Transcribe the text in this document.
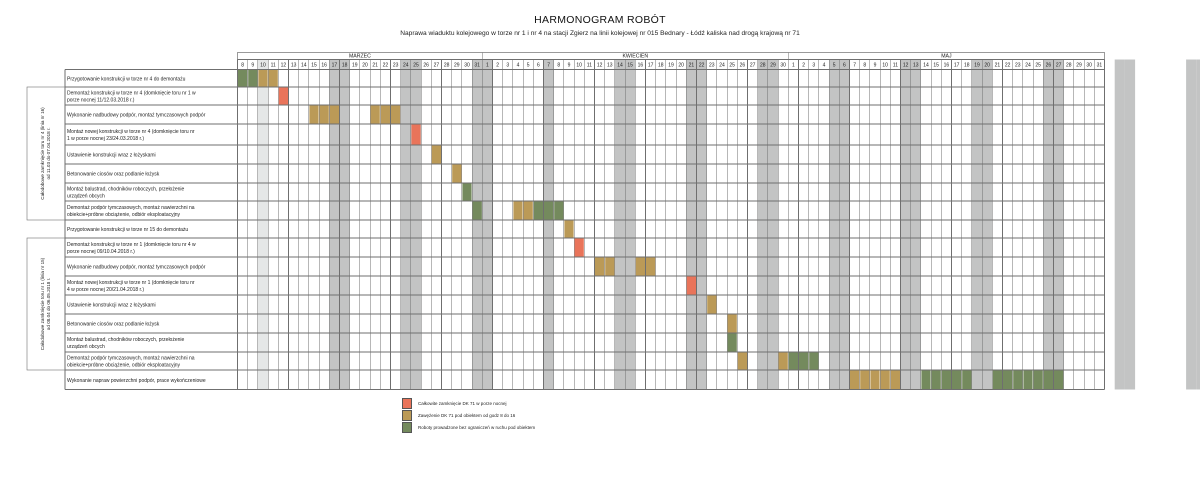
HARMONOGRAM ROBÓT
Naprawa wiaduktu kolejowego w torze nr 1 i nr 4 na stacji Zgierz na linii kolejowej nr 015 Bednary - Łódź kaliska nad drogą krajową nr 71
MARZEC	KWIECIEŃ	MAJ
8 9 10 11 12 13 14 15 16 17 18 19 20 21 22 23 24 25 26 27 28 29 30 31 1 2 3 4 5 6 7 8 9 10 11 12 13 14 15 16 17 18 19 20 21 22 23 24 25 26 27 28 29 30 1 2 3 4 5 6 7 8 9 10 11 12 13 14 15 16 17 18 19 20 21 22 23 24 25 26 27 28 29 30 31
Przygotowanie konstrukcji w torze nr 4 do demontażu
Demontaż konstrukcji w torze nr 4 (domknięcie toru nr 1 w porze nocnej 11/12.03.2018 r.)
Wykonanie nadbudowy podpór, montaż tymczasowych podpór
Montaż nowej konstrukcji w torze nr 4 (domknięcie toru nr 1 w porze nocnej 23/24.03.2018 r.)
Ustawienie konstrukcji wraz z łożyskami
Betonowanie ciosów oraz podlanie łożysk
Montaż balustrad, chodników roboczych, przełożenie urządzeń obcych
Demontaż podpór tymczasowych, montaż nawierzchni na obiekcie+próbne obciążenie, odbiór eksploatacyjny
Przygotowanie konstrukcji w torze nr 15 do demontażu
Demontaż konstrukcji w torze nr 1 (domknięcie toru nr 4 w porze nocnej 09/10.04.2018 r.)
Wykonanie nadbudowy podpór, montaż tymczasowych podpór
Montaż nowej konstrukcji w torze nr 1 (domknięcie toru nr 4 w porze nocnej 20/21.04.2018 r.)
Ustawienie konstrukcji wraz z łożyskami
Betonowanie ciosów oraz podlanie łożysk
Montaż balustrad, chodników roboczych, przełożenie urządzeń obcych
Demontaż podpór tymczasowych, montaż nawierzchni na obiekcie+próbne obciążenie, odbiór eksploatacyjny
Wykonanie napraw powierzchni podpór, prace wykończeniowe
Całodobowe zamknięcie toru nr 4 (linia nr 16)od 11.03 do 07.04.2018 r.
Całodobowe zamknięcie toru nr 1 (linia nr 15)od 08.04 do 06.05.2018 r.
Całkowite zamknięcie DK 71 w porze nocnej
Zawężenie DK 71 pod obiektem od godz 8 do 16
Roboty prowadzone bez ograniczeń w ruchu pod obiektem
